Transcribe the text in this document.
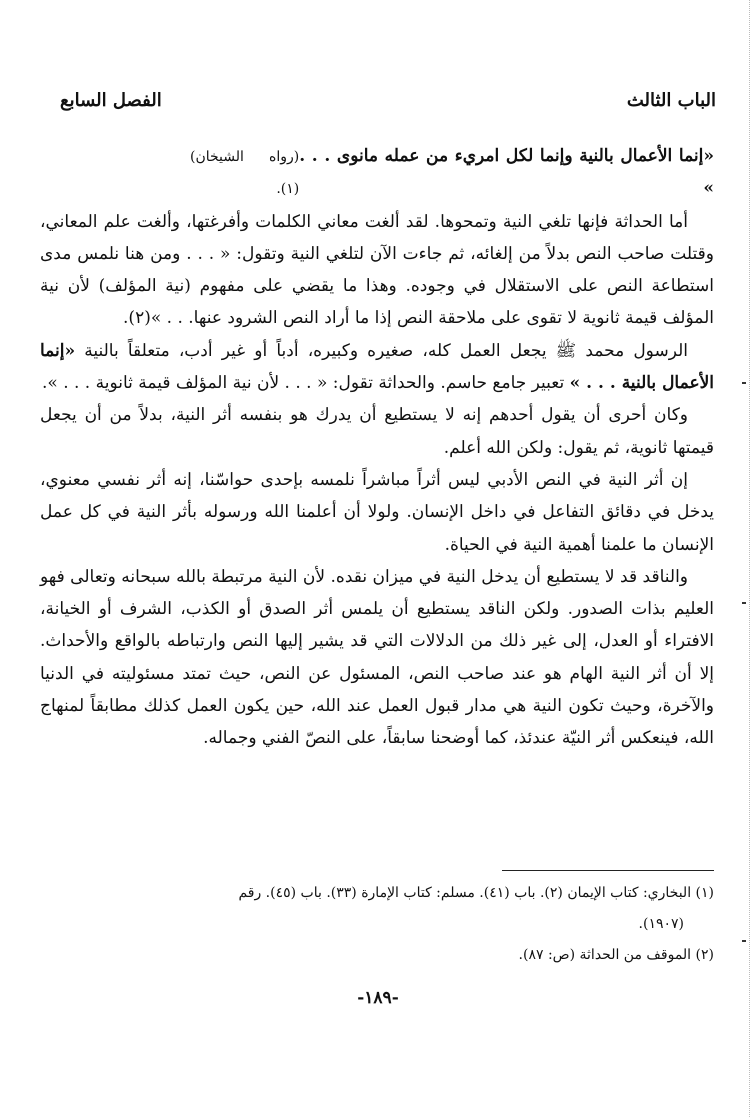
الباب الثالث
الفصل السابع
«إنما الأعمال بالنية وإنما لكل امريء من عمله مانوى . . . »
(رواه الشيخان)(١).

أما الحداثة فإنها تلغي النية وتمحوها. لقد ألغت معاني الكلمات وأفرغتها، وألغت علم المعاني، وقتلت صاحب النص بدلاً من إلغائه، ثم جاءت الآن لتلغي النية وتقول: « . . . ومن هنا نلمس مدى استطاعة النص على الاستقلال في وجوده. وهذا ما يقضي على مفهوم (نية المؤلف) لأن نية المؤلف قيمة ثانوية لا تقوى على ملاحقة النص إذا ما أراد النص الشرود عنها. . . »(٢).

الرسول محمد ﷺ يجعل العمل كله، صغيره وكبيره، أدباً أو غير أدب، متعلقاً بالنية «إنما الأعمال بالنية . . . » تعبير جامع حاسم. والحداثة تقول: « . . . لأن نية المؤلف قيمة ثانوية . . . ».

وكان أحرى أن يقول أحدهم إنه لا يستطيع أن يدرك هو بنفسه أثر النية، بدلاً من أن يجعل قيمتها ثانوية، ثم يقول: ولكن الله أعلم.

إن أثر النية في النص الأدبي ليس أثراً مباشراً نلمسه بإحدى حواسّنا، إنه أثر نفسي معنوي، يدخل في دقائق التفاعل في داخل الإنسان. ولولا أن أعلمنا الله ورسوله بأثر النية في كل عمل الإنسان ما علمنا أهمية النية في الحياة.

والناقد قد لا يستطيع أن يدخل النية في ميزان نقده. لأن النية مرتبطة بالله سبحانه وتعالى فهو العليم بذات الصدور. ولكن الناقد يستطيع أن يلمس أثر الصدق أو الكذب، الشرف أو الخيانة، الافتراء أو العدل، إلى غير ذلك من الدلالات التي قد يشير إليها النص وارتباطه بالواقع والأحداث. إلا أن أثر النية الهام هو عند صاحب النص، المسئول عن النص، حيث تمتد مسئوليته في الدنيا والآخرة، وحيث تكون النية هي مدار قبول العمل عند الله، حين يكون العمل كذلك مطابقاً لمنهاج الله، فينعكس أثر النيّة عندئذ، كما أوضحنا سابقاً، على النصّ الفني وجماله.

(١) البخاري: كتاب الإيمان (٢). باب (٤١). مسلم: كتاب الإمارة (٣٣). باب (٤٥). رقم

(١٩٠٧).

(٢) الموقف من الحداثة (ص: ٨٧).

-١٨٩-
